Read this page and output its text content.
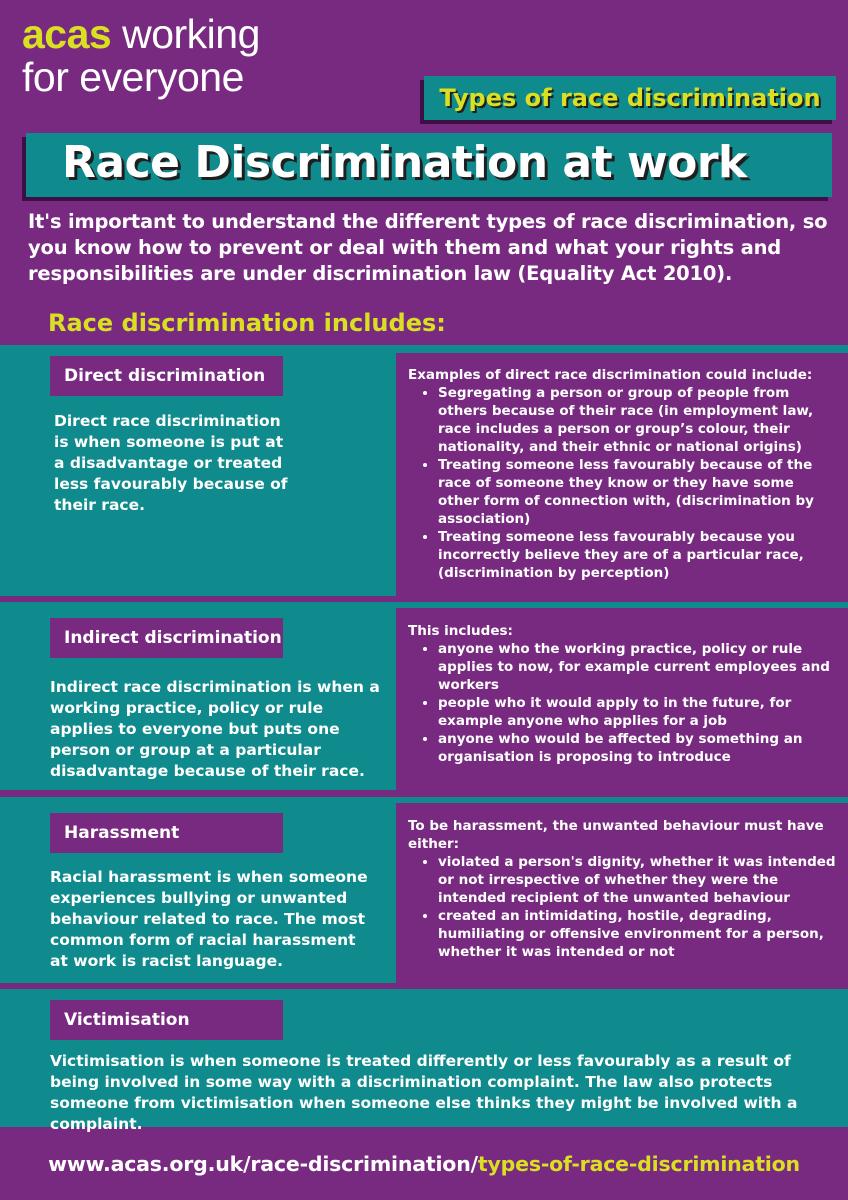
acas working
for everyone	Types of race discrimination
Race Discrimination at work
It's important to understand the different types of race discrimination, so you know how to prevent or deal with them and what your rights and responsibilities are under discrimination law (Equality Act 2010).
Race discrimination includes:
Direct discrimination
Direct race discrimination is when someone is put at a disadvantage or treated less favourably because of their race.

Examples of direct race discrimination could include:

• Segregating a person or group of people from others because of their race (in employment law, race includes a person or group’s colour, their nationality, and their ethnic or national origins)
• Treating someone less favourably because of the race of someone they know or they have some other form of connection with, (discrimination by association)
• Treating someone less favourably because you incorrectly believe they are of a particular race, (discrimination by perception)
Indirect discrimination
Indirect race discrimination is when a working practice, policy or rule applies to everyone but puts one person or group at a particular disadvantage because of their race.

This includes:

• anyone who the working practice, policy or rule applies to now, for example current employees and workers
• people who it would apply to in the future, for example anyone who applies for a job
• anyone who would be affected by something an organisation is proposing to introduce
Harassment
Racial harassment is when someone experiences bullying or unwanted behaviour related to race. The most common form of racial harassment at work is racist language.

To be harassment, the unwanted behaviour must have either:

• violated a person's dignity, whether it was intended or not irrespective of whether they were the intended recipient of the unwanted behaviour
• created an intimidating, hostile, degrading, humiliating or offensive environment for a person, whether it was intended or not
Victimisation
Victimisation is when someone is treated differently or less favourably as a result of being involved in some way with a discrimination complaint. The law also protects someone from victimisation when someone else thinks they might be involved with a complaint.
www.acas.org.uk/race-discrimination/ types-of-race-discrimination
